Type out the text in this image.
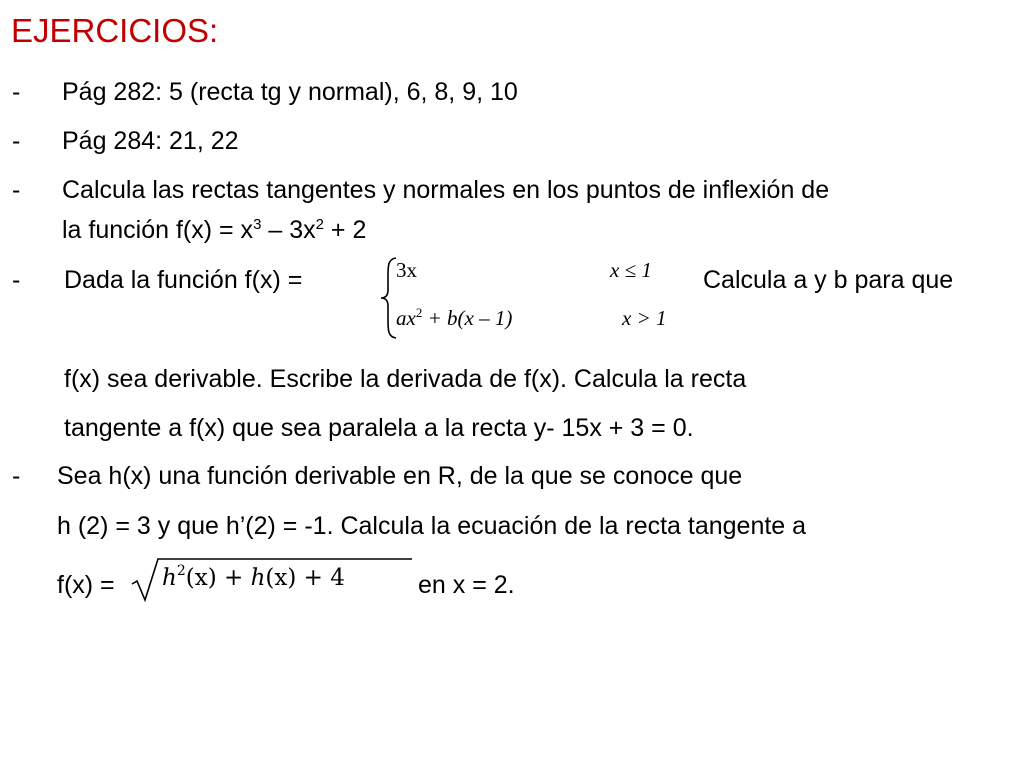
EJERCICIOS:
- Pág 282: 5 (recta tg y normal), 6, 8, 9, 10
- Pág 284: 21, 22
- Calcula las rectas tangentes y normales en los puntos de inflexión de
la función $f(x) = x^3 - 3x^2 + 2$
- Dada la función f(x) =	3x	x ≤ 1
$ax^2 + b(x - 1)$	x > 1
Calcula a y b para que
f(x) sea derivable. Escribe la derivada de f(x). Calcula la recta
tangente a f(x) que sea paralela a la recta y- 15x + 3 = 0.
- Sea h(x) una función derivable en R, de la que se conoce que
h (2) = 3 y que h’(2) = -1. Calcula la ecuación de la recta tangente a
$f(x) = h^2(x) + h(x) + 4$	en x = 2.
